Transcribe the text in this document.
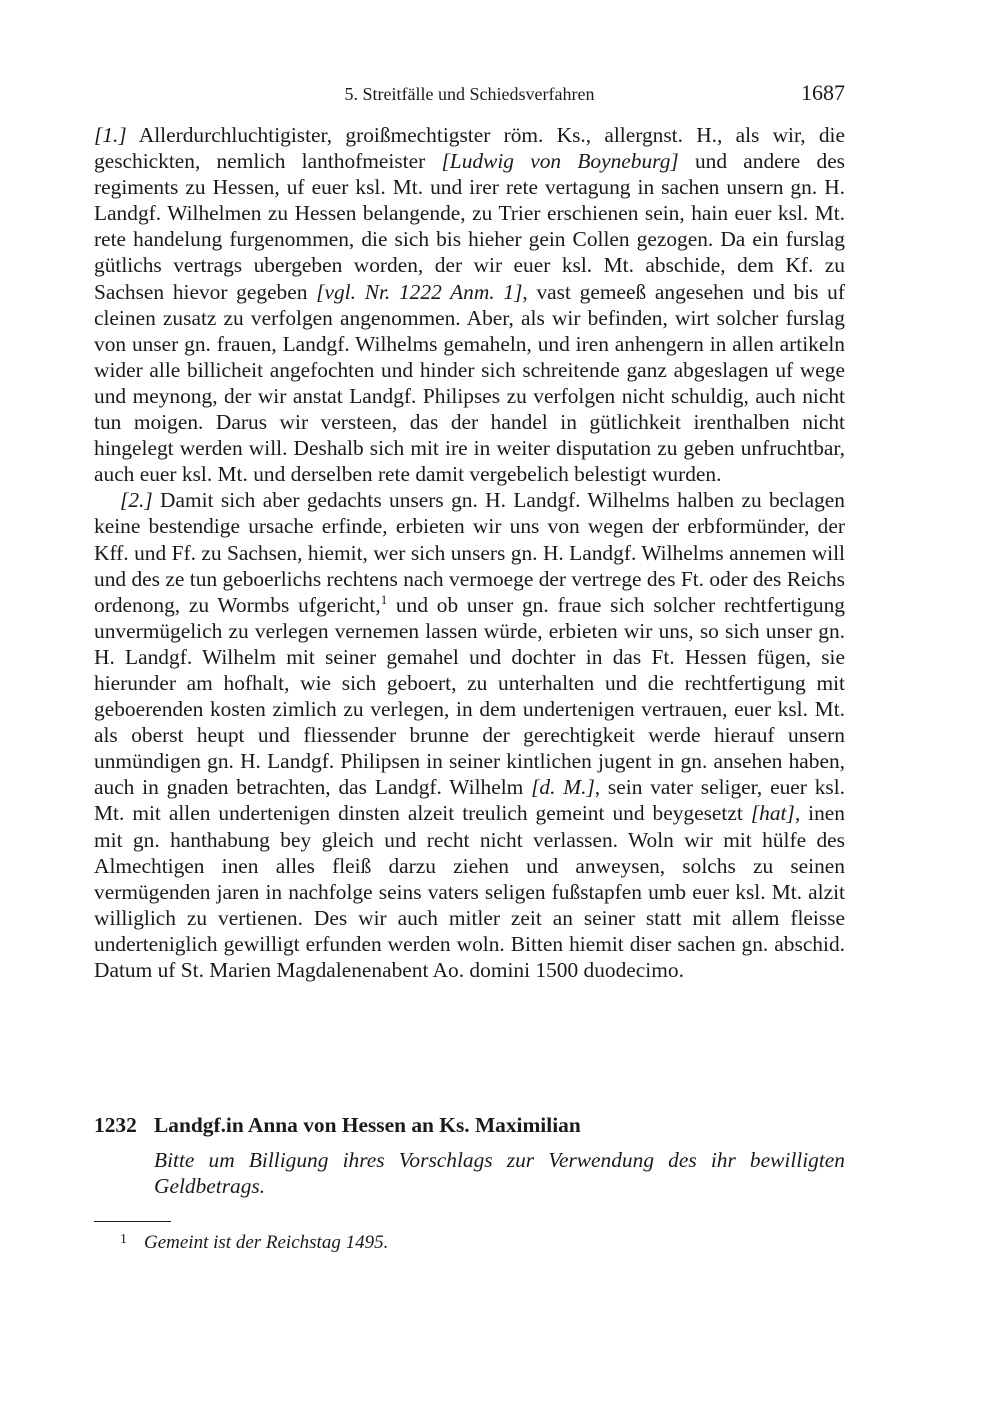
5. Streitfälle und Schiedsverfahren	1687

[1.] Allerdurchluchtigister, groißmechtigster röm. Ks., allergnst. H., als wir, die geschickten, nemlich lanthofmeister [Ludwig von Boyneburg] und andere des regiments zu Hessen, uf euer ksl. Mt. und irer rete vertagung in sachen unsern gn. H. Landgf. Wilhelmen zu Hessen belangende, zu Trier erschienen sein, hain euer ksl. Mt. rete handelung furgenommen, die sich bis hieher gein Collen gezogen. Da ein furslag gütlichs vertrags ubergeben worden, der wir euer ksl. Mt. abschide, dem Kf. zu Sachsen hievor gegeben [vgl. Nr. 1222 Anm. 1], vast gemeeß angesehen und bis uf cleinen zusatz zu verfolgen angenommen. Aber, als wir befinden, wirt solcher furslag von unser gn. frauen, Landgf. Wilhelms gemaheln, und iren anhengern in allen artikeln wider alle billicheit angefochten und hinder sich schreitende ganz abgeslagen uf wege und meynong, der wir anstat Landgf. Philipses zu verfolgen nicht schuldig, auch nicht tun moigen. Darus wir versteen, das der handel in gütlichkeit irenthalben nicht hingelegt werden will. Deshalb sich mit ire in weiter disputation zu geben unfruchtbar, auch euer ksl. Mt. und derselben rete damit vergebelich belestigt wurden.

[2.] Damit sich aber gedachts unsers gn. H. Landgf. Wilhelms halben zu beclagen keine bestendige ursache erfinde, erbieten wir uns von wegen der erbformünder, der Kff. und Ff. zu Sachsen, hiemit, wer sich unsers gn. H. Landgf. Wilhelms annemen will und des ze tun geboerlichs rechtens nach vermoege der vertrege des Ft. oder des Reichs ordenong, zu Wormbs ufgericht,$^1$ und ob unser gn. fraue sich solcher rechtfertigung unvermügelich zu verlegen vernemen lassen würde, erbieten wir uns, so sich unser gn. H. Landgf. Wilhelm mit seiner gemahel und dochter in das Ft. Hessen fügen, sie hierunder am hofhalt, wie sich geboert, zu unterhalten und die rechtfertigung mit geboerenden kosten zimlich zu verlegen, in dem undertenigen vertrauen, euer ksl. Mt. als oberst heupt und fliessender brunne der gerechtigkeit werde hierauf unsern unmündigen gn. H. Landgf. Philipsen in seiner kintlichen jugent in gn. ansehen haben, auch in gnaden betrachten, das Landgf. Wilhelm [d. M.], sein vater seliger, euer ksl. Mt. mit allen undertenigen dinsten alzeit treulich gemeint und beygesetzt [hat], inen mit gn. hanthabung bey gleich und recht nicht verlassen. Woln wir mit hülfe des Almechtigen inen alles fleiß darzu ziehen und anweysen, solchs zu seinen vermügenden jaren in nachfolge seins vaters seligen fußstapfen umb euer ksl. Mt. alzit williglich zu vertienen. Des wir auch mitler zeit an seiner statt mit allem fleisse underteniglich gewilligt erfunden werden woln. Bitten hiemit diser sachen gn. abschid. Datum uf St. Marien Magdalenenabent Ao. domini 1500 duodecimo.

1232 Landgf.in Anna von Hessen an Ks. Maximilian
Bitte um Billigung ihres Vorschlags zur Verwendung des ihr bewilligten Geldbetrags.
1 Gemeint ist der Reichstag 1495.
